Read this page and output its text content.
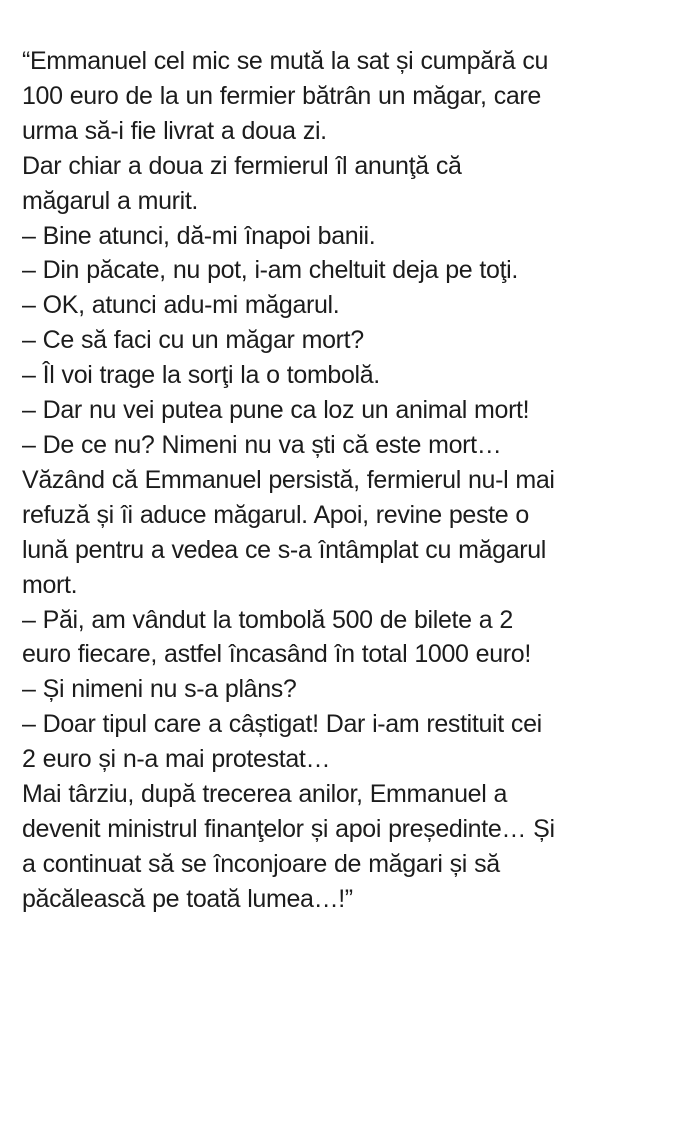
“Emmanuel cel mic se mută la sat și cumpără cu
100 euro de la un fermier bătrân un măgar, care
urma să-i fie livrat a doua zi.
Dar chiar a doua zi fermierul îl anunţă că
măgarul a murit.
– Bine atunci, dă-mi înapoi banii.
– Din păcate, nu pot, i-am cheltuit deja pe toţi.
– OK, atunci adu-mi măgarul.
– Ce să faci cu un măgar mort?
– Îl voi trage la sorţi la o tombolă.
– Dar nu vei putea pune ca loz un animal mort!
– De ce nu? Nimeni nu va ști că este mort…
Văzând că Emmanuel persistă, fermierul nu-l mai
refuză și îi aduce măgarul. Apoi, revine peste o
lună pentru a vedea ce s-a întâmplat cu măgarul
mort.
– Păi, am vândut la tombolă 500 de bilete a 2
euro fiecare, astfel încasând în total 1000 euro!
– Și nimeni nu s-a plâns?
– Doar tipul care a câștigat! Dar i-am restituit cei
2 euro și n-a mai protestat…
Mai târziu, după trecerea anilor, Emmanuel a
devenit ministrul finanţelor și apoi președinte… Și
a continuat să se înconjoare de măgari și să
păcălească pe toată lumea…!”
